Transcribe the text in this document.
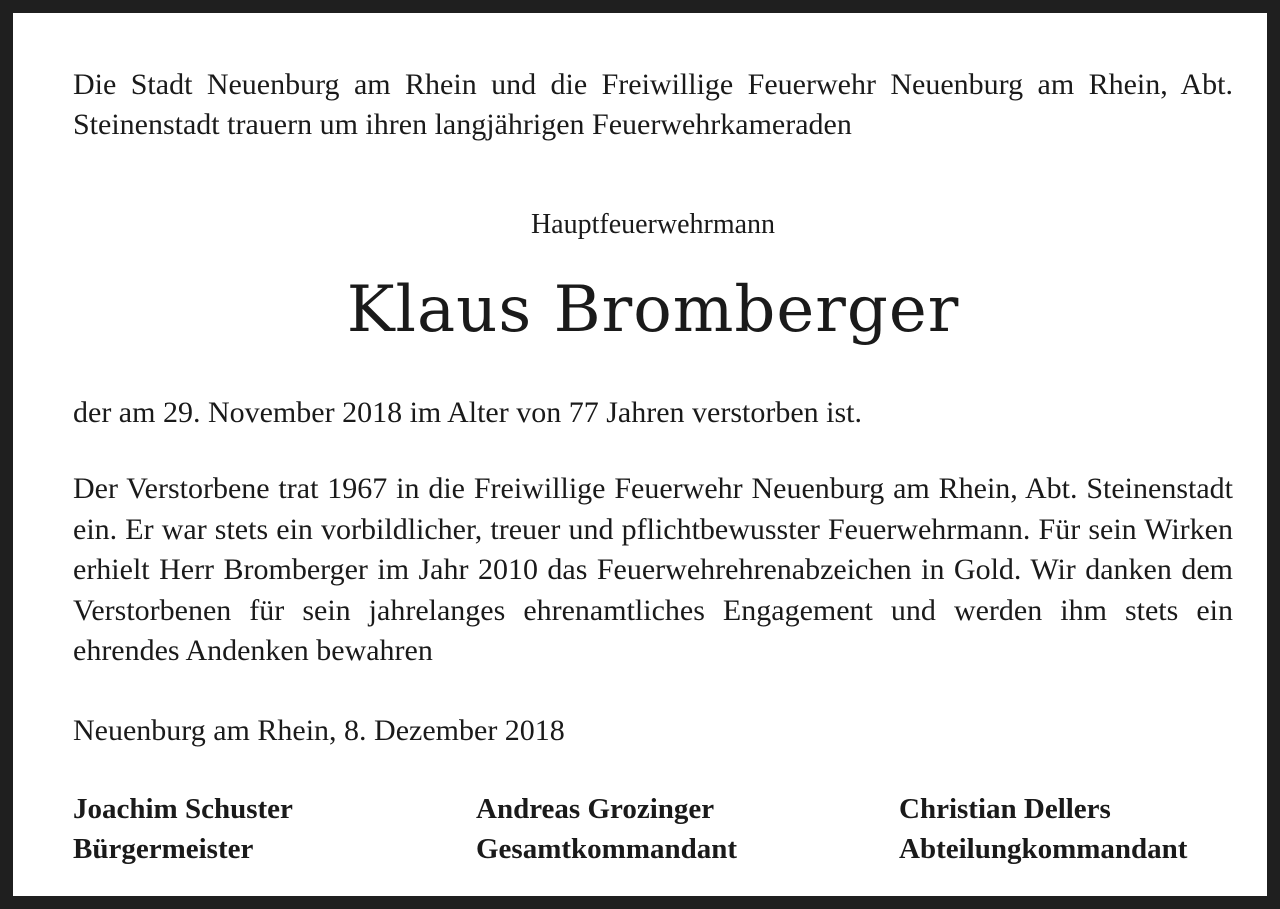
Die Stadt Neuenburg am Rhein und die Freiwillige Feuerwehr Neuenburg am Rhein, Abt. Steinenstadt trauern um ihren langjährigen Feuerwehrkameraden

Hauptfeuerwehrmann

Klaus Bromberger

der am 29. November 2018 im Alter von 77 Jahren verstorben ist.

Der Verstorbene trat 1967 in die Freiwillige Feuerwehr Neuenburg am Rhein, Abt. Steinenstadt ein. Er war stets ein vorbildlicher, treuer und pflichtbewusster Feuerwehrmann. Für sein Wirken erhielt Herr Bromberger im Jahr 2010 das Feuerwehrehrenabzeichen in Gold. Wir danken dem Verstorbenen für sein jahrelanges ehrenamtliches Engagement und werden ihm stets ein ehrendes Andenken bewahren

Neuenburg am Rhein, 8. Dezember 2018

Joachim Schuster
Bürgermeister
Andreas Grozinger
Gesamtkommandant
Christian Dellers
Abteilungkommandant
